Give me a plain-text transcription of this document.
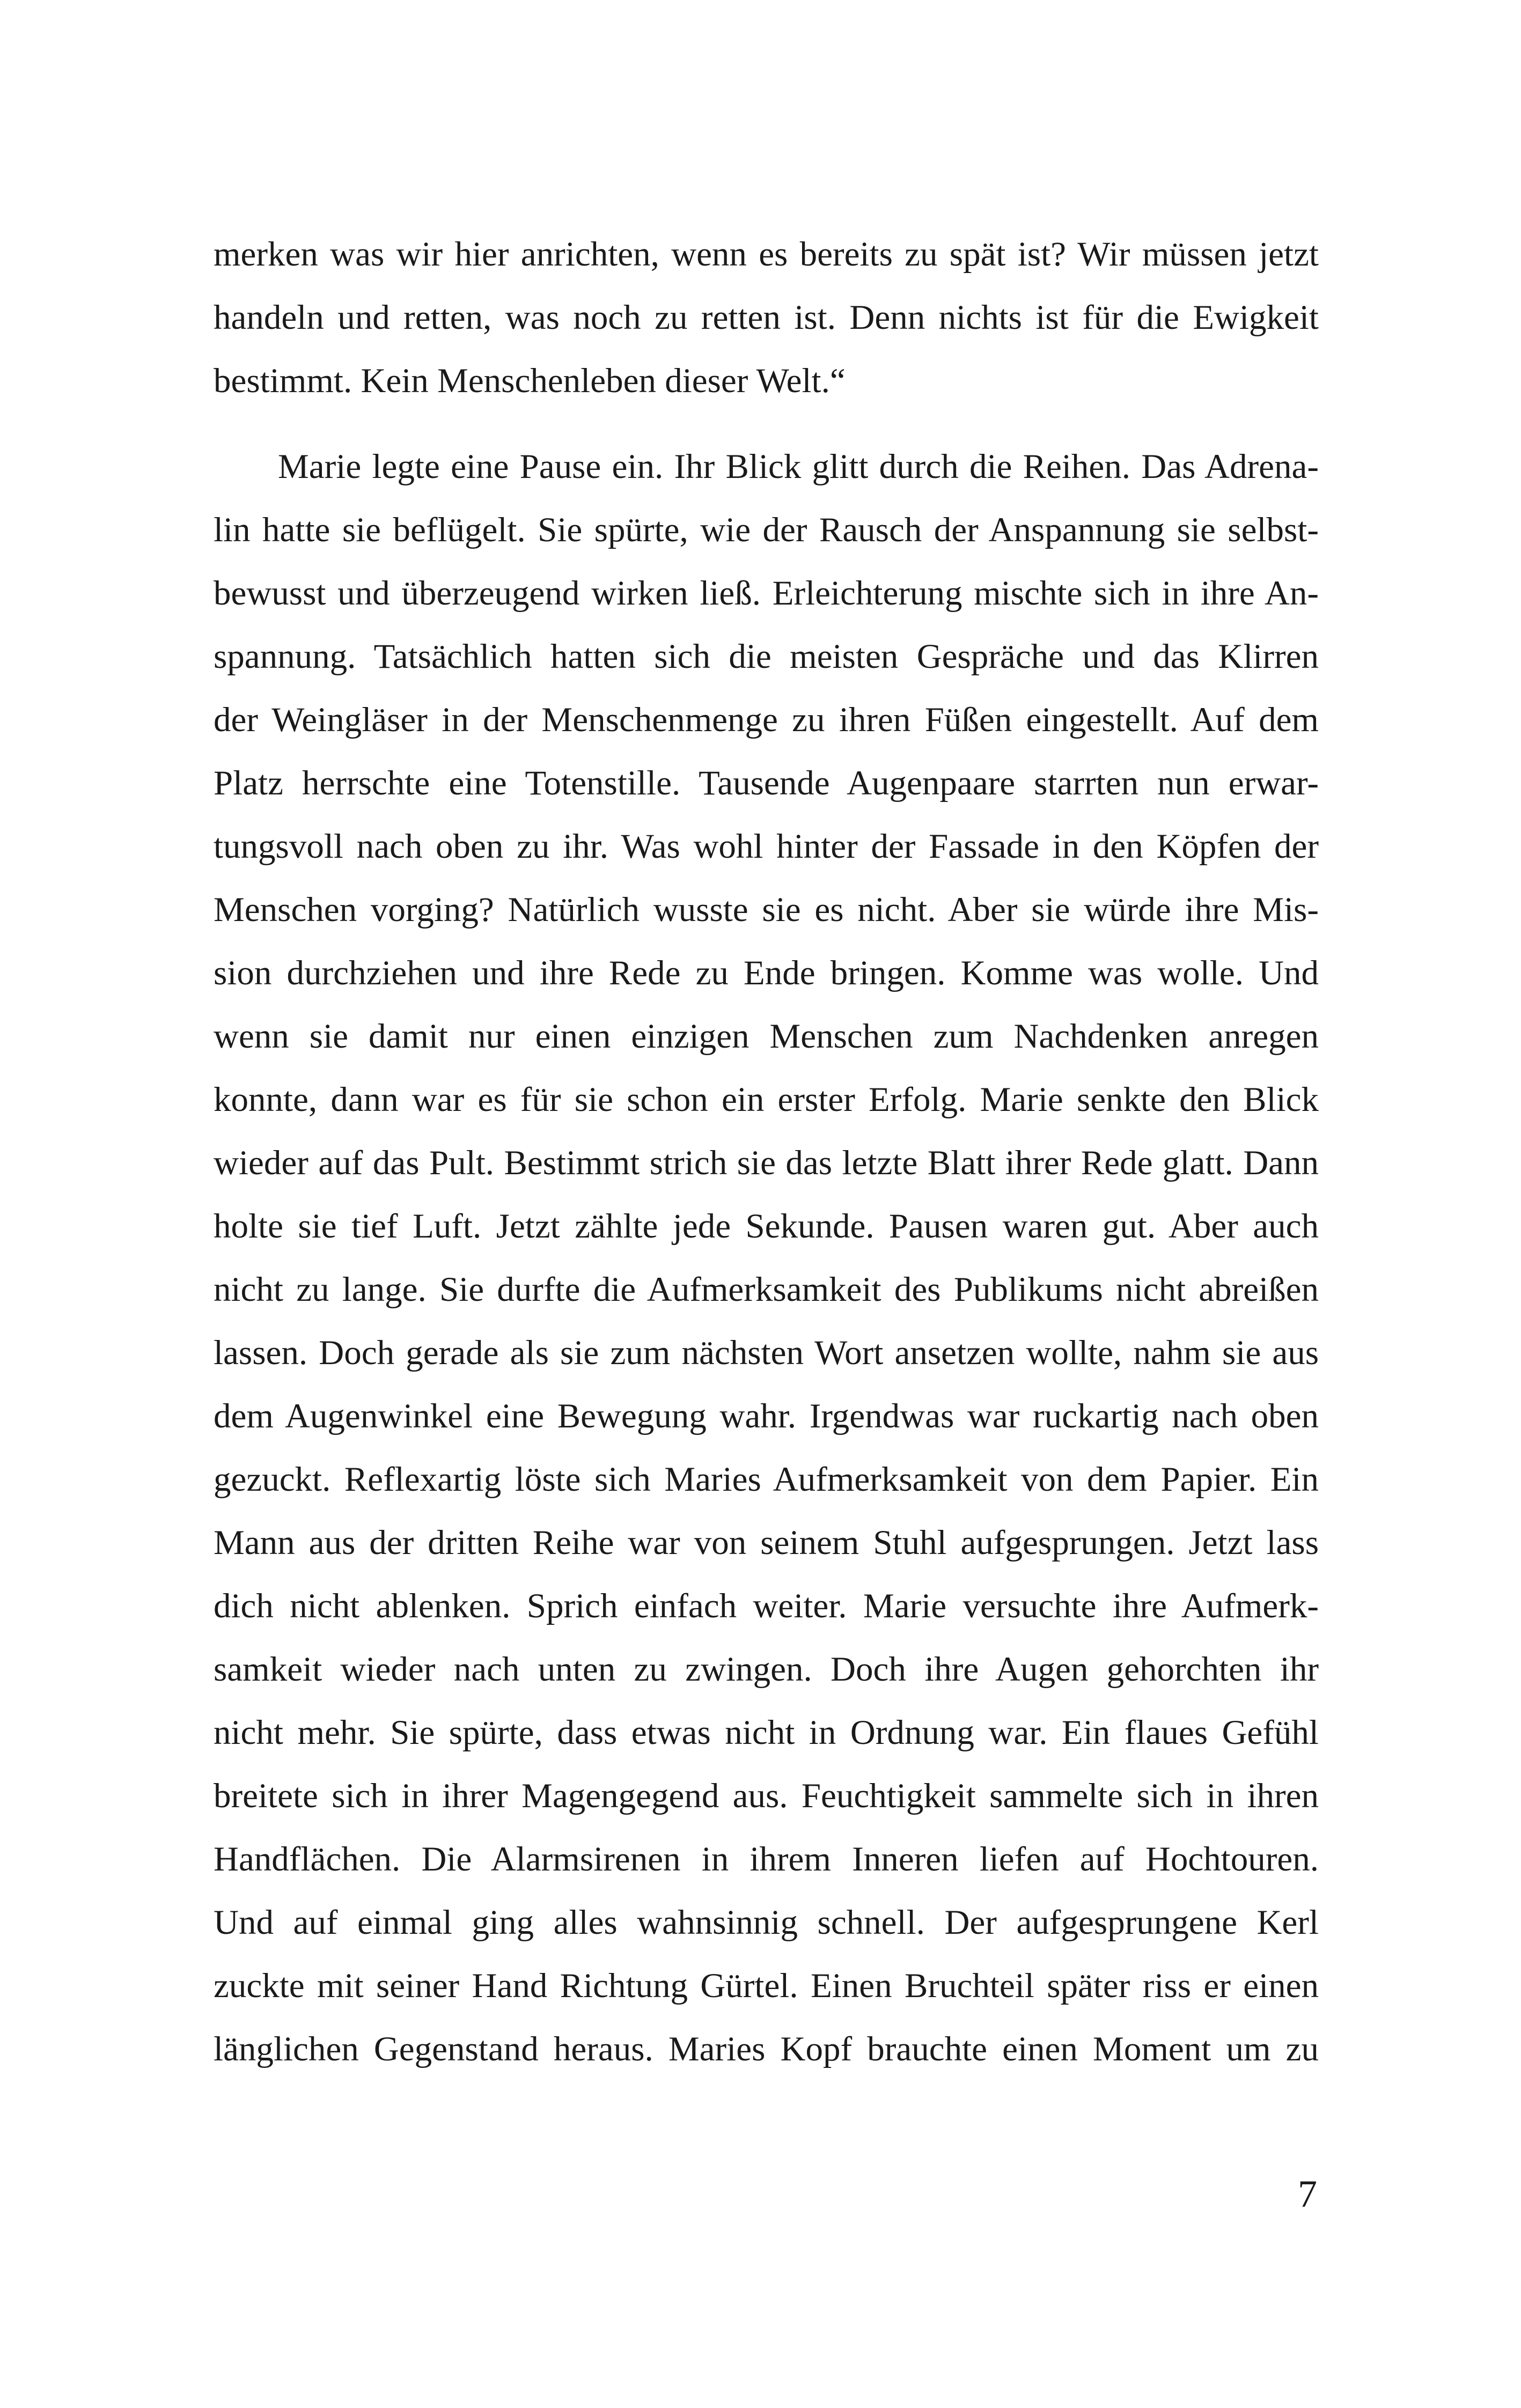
merken was wir hier anrichten, wenn es bereits zu spät ist? Wir müssen jetzt
handeln und retten, was noch zu retten ist. Denn nichts ist für die Ewigkeit
bestimmt. Kein Menschenleben dieser Welt.“
Marie legte eine Pause ein. Ihr Blick glitt durch die Reihen. Das Adrena-
lin hatte sie beflügelt. Sie spürte, wie der Rausch der Anspannung sie selbst-
bewusst und überzeugend wirken ließ. Erleichterung mischte sich in ihre An-
spannung. Tatsächlich hatten sich die meisten Gespräche und das Klirren
der Weingläser in der Menschenmenge zu ihren Füßen eingestellt. Auf dem
Platz herrschte eine Totenstille. Tausende Augenpaare starrten nun erwar-
tungsvoll nach oben zu ihr. Was wohl hinter der Fassade in den Köpfen der
Menschen vorging? Natürlich wusste sie es nicht. Aber sie würde ihre Mis-
sion durchziehen und ihre Rede zu Ende bringen. Komme was wolle. Und
wenn sie damit nur einen einzigen Menschen zum Nachdenken anregen
konnte, dann war es für sie schon ein erster Erfolg. Marie senkte den Blick
wieder auf das Pult. Bestimmt strich sie das letzte Blatt ihrer Rede glatt. Dann
holte sie tief Luft. Jetzt zählte jede Sekunde. Pausen waren gut. Aber auch
nicht zu lange. Sie durfte die Aufmerksamkeit des Publikums nicht abreißen
lassen. Doch gerade als sie zum nächsten Wort ansetzen wollte, nahm sie aus
dem Augenwinkel eine Bewegung wahr. Irgendwas war ruckartig nach oben
gezuckt. Reflexartig löste sich Maries Aufmerksamkeit von dem Papier. Ein
Mann aus der dritten Reihe war von seinem Stuhl aufgesprungen. Jetzt lass
dich nicht ablenken. Sprich einfach weiter. Marie versuchte ihre Aufmerk-
samkeit wieder nach unten zu zwingen. Doch ihre Augen gehorchten ihr
nicht mehr. Sie spürte, dass etwas nicht in Ordnung war. Ein flaues Gefühl
breitete sich in ihrer Magengegend aus. Feuchtigkeit sammelte sich in ihren
Handflächen. Die Alarmsirenen in ihrem Inneren liefen auf Hochtouren.
Und auf einmal ging alles wahnsinnig schnell. Der aufgesprungene Kerl
zuckte mit seiner Hand Richtung Gürtel. Einen Bruchteil später riss er einen
länglichen Gegenstand heraus. Maries Kopf brauchte einen Moment um zu
7
